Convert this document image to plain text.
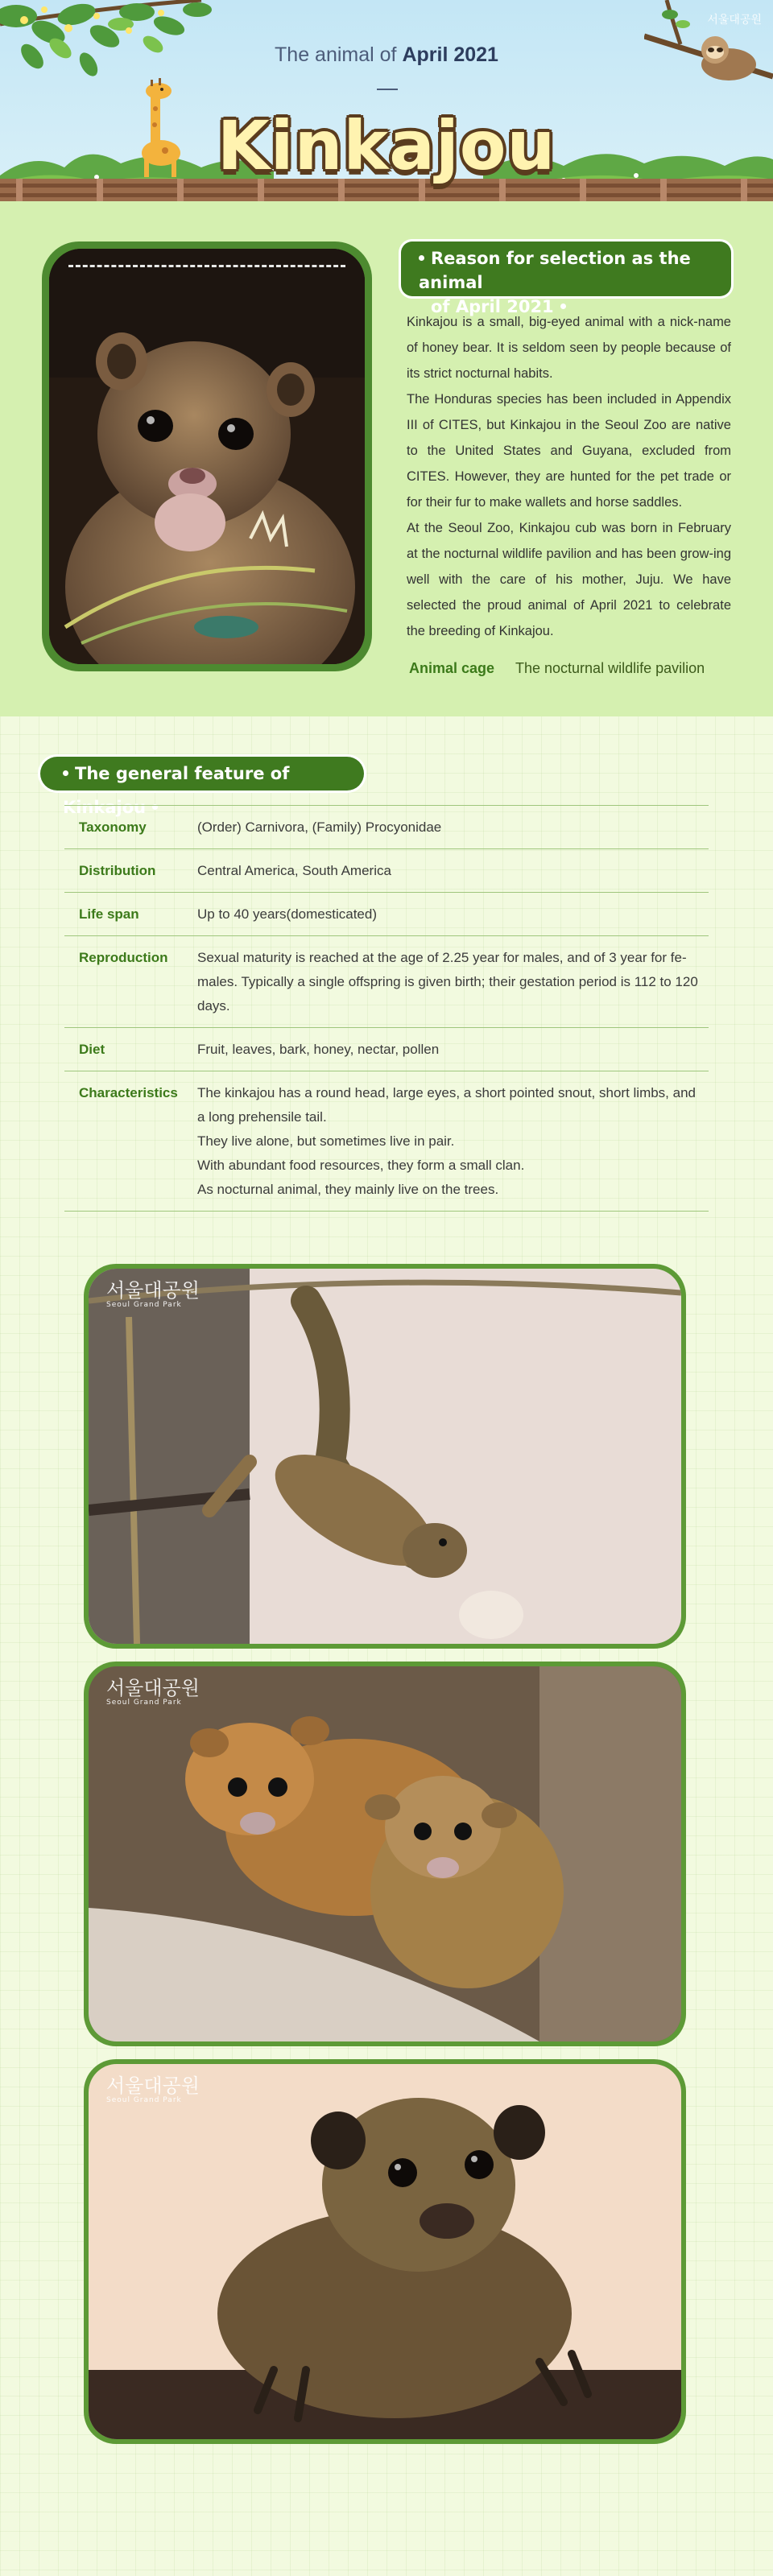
서울대공원
The animal of April 2021
Kinkajou
Reason for selection as the animal
of April 2021

Kinkajou is a small, big-eyed animal with a nick-name of honey bear. It is seldom seen by people because of its strict nocturnal habits.

The Honduras species has been included in Appendix III of CITES, but Kinkajou in the Seoul Zoo are native to the United States and Guyana, excluded from CITES. However, they are hunted for the pet trade or for their fur to make wallets and horse saddles.

At the Seoul Zoo, Kinkajou cub was born in February at the nocturnal wildlife pavilion and has been grow-ing well with the care of his mother, Juju. We have selected the proud animal of April 2021 to celebrate the breeding of Kinkajou.

Animal cage The nocturnal wildlife pavilion
The general feature of Kinkajou
Taxonomy	(Order) Carnivora, (Family) Procyonidae

Distribution	Central America, South America

Life span	Up to 40 years(domesticated)

Reproduction	Sexual maturity is reached at the age of 2.25 year for males, and of 3 year for fe-males. Typically a single offspring is given birth; their gestation period is 112 to 120 days.

Diet	Fruit, leaves, bark, honey, nectar, pollen

Characteristics	The kinkajou has a round head, large eyes, a short pointed snout, short limbs, and a long prehensile tail.

They live alone, but sometimes live in pair.

With abundant food resources, they form a small clan.

As nocturnal animal, they mainly live on the trees.

서울대공원
Seoul Grand Park
서울대공원
Seoul Grand Park
서울대공원
Seoul Grand Park
